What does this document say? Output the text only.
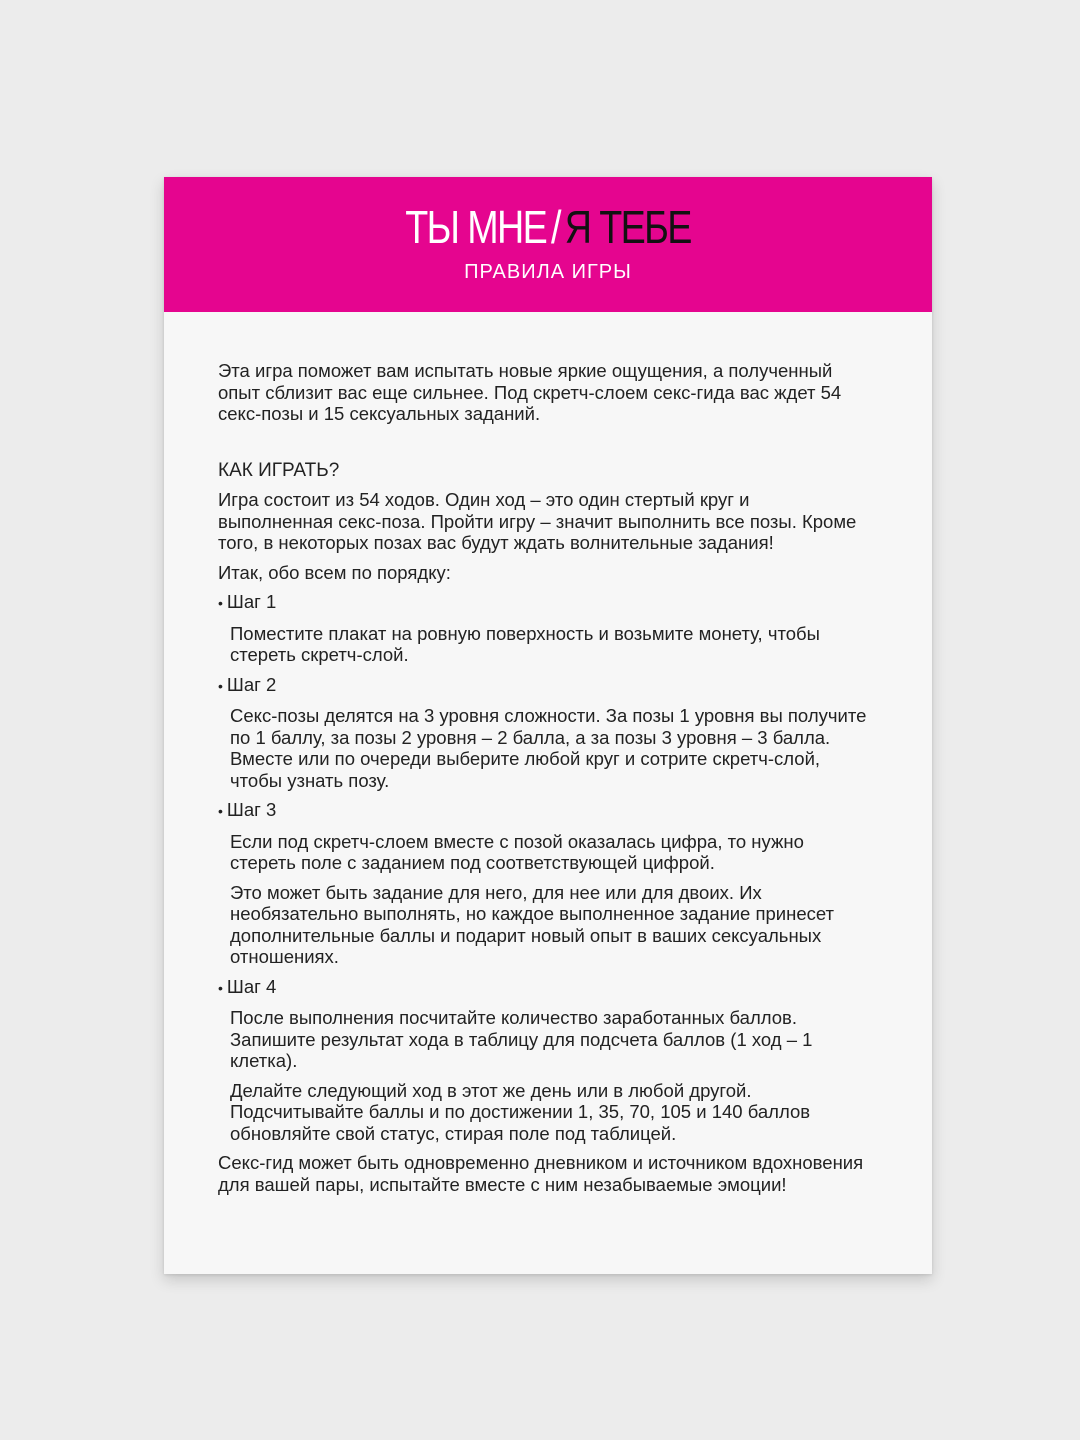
ТЫ МНЕ / Я ТЕБЕ
ПРАВИЛА ИГРЫ

Эта игра поможет вам испытать новые яркие ощущения, а полученный опыт сблизит вас еще сильнее. Под скретч-слоем секс-гида вас ждет 54 секс-позы и 15 сексуальных заданий.

КАК ИГРАТЬ?

Игра состоит из 54 ходов. Один ход – это один стертый круг и выполненная секс-поза. Пройти игру – значит выполнить все позы. Кроме того, в некоторых позах вас будут ждать волнительные задания!

Итак, обо всем по порядку:

• Шаг 1

Поместите плакат на ровную поверхность и возьмите монету, чтобы стереть скретч-слой.

• Шаг 2

Секс-позы делятся на 3 уровня сложности. За позы 1 уровня вы получите по 1 баллу, за позы 2 уровня – 2 балла, а за позы 3 уровня – 3 балла. Вместе или по очереди выберите любой круг и сотрите скретч-слой, чтобы узнать позу.

• Шаг 3

Если под скретч-слоем вместе с позой оказалась цифра, то нужно стереть поле с заданием под соответствующей цифрой.

Это может быть задание для него, для нее или для двоих. Их необязательно выполнять, но каждое выполненное задание принесет дополнительные баллы и подарит новый опыт в ваших сексуальных отношениях.

• Шаг 4

После выполнения посчитайте количество заработанных баллов. Запишите результат хода в таблицу для подсчета баллов (1 ход – 1 клетка).

Делайте следующий ход в этот же день или в любой другой. Подсчитывайте баллы и по достижении 1, 35, 70, 105 и 140 баллов обновляйте свой статус, стирая поле под таблицей.

Секс-гид может быть одновременно дневником и источником вдохновения для вашей пары, испытайте вместе с ним незабываемые эмоции!
